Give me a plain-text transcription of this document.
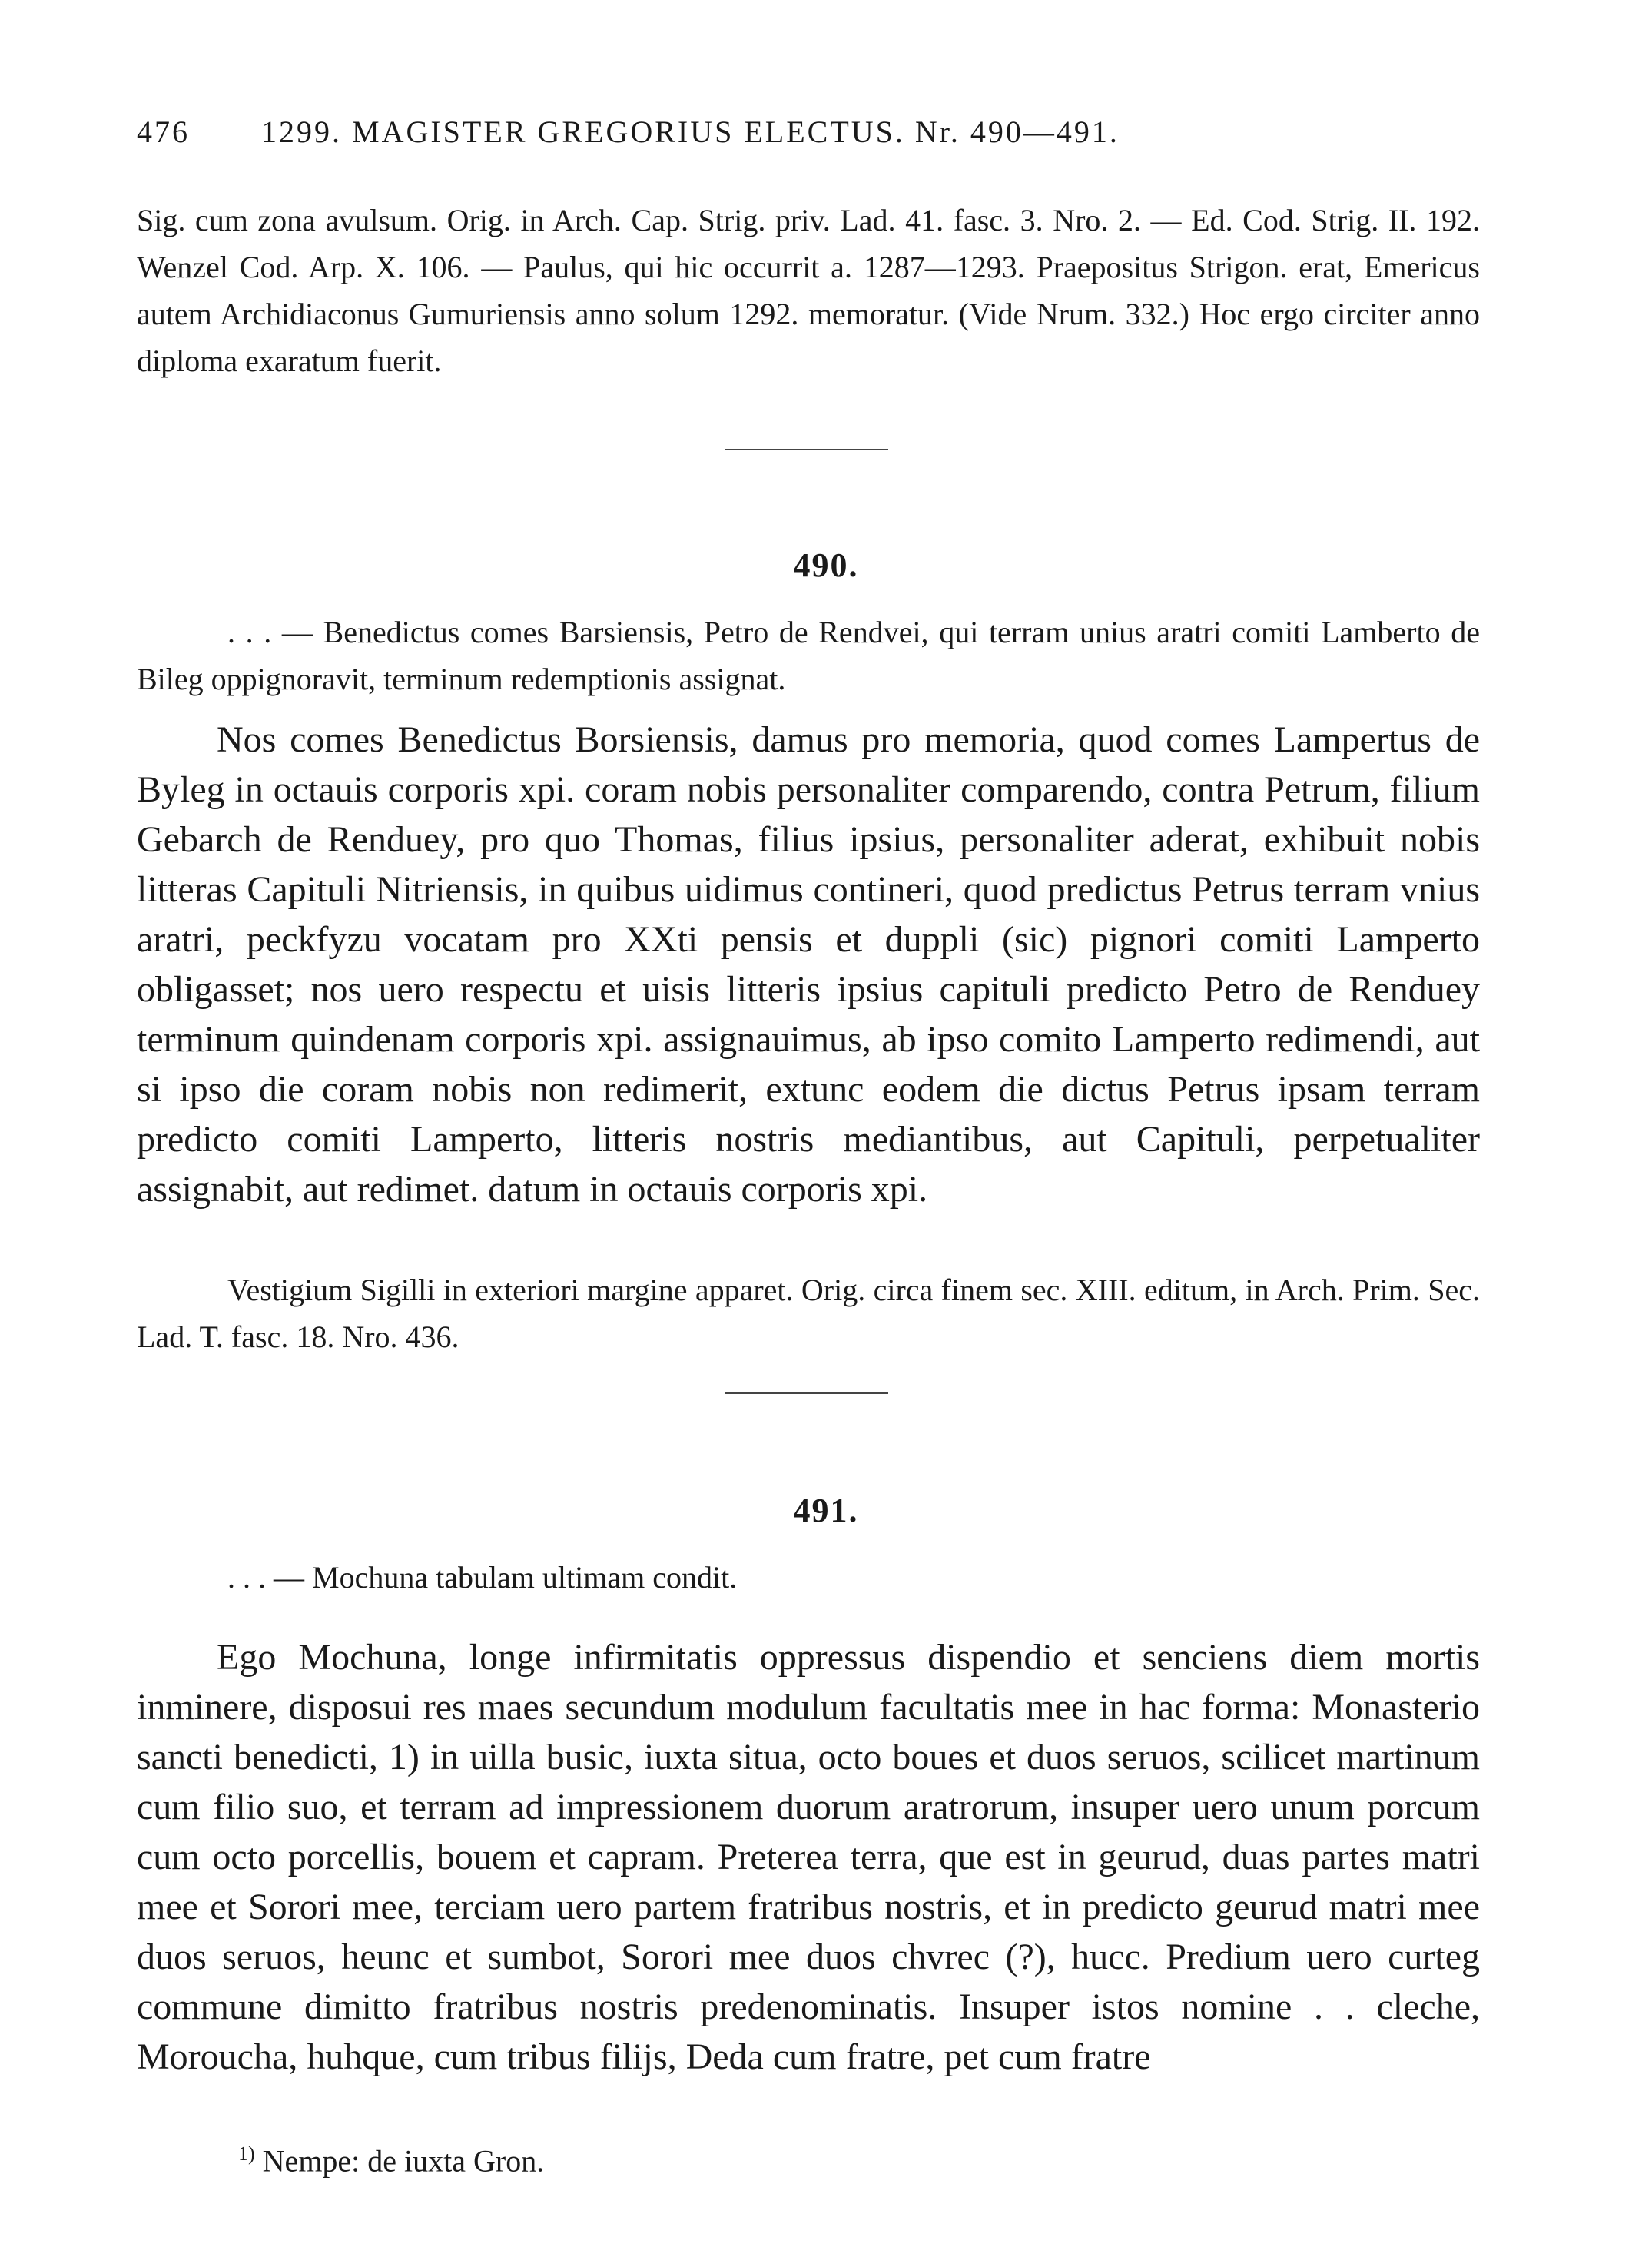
476 1299. MAGISTER GREGORIUS ELECTUS. Nr. 490—491.
Sig. cum zona avulsum. Orig. in Arch. Cap. Strig. priv. Lad. 41. fasc. 3. Nro. 2. — Ed. Cod. Strig. II. 192. Wenzel Cod. Arp. X. 106. — Paulus, qui hic occurrit a. 1287—1293. Praepositus Strigon. erat, Emericus autem Archidiaconus Gumuriensis anno solum 1292. memoratur. (Vide Nrum. 332.) Hoc ergo circiter anno diploma exaratum fuerit.
490.
. . . — Benedictus comes Barsiensis, Petro de Rendvei, qui terram unius aratri comiti Lamberto de Bileg oppignoravit, terminum redemptionis assignat.
Nos comes Benedictus Borsiensis, damus pro memoria, quod comes Lampertus de Byleg in octauis corporis xpi. coram nobis personaliter comparendo, contra Petrum, filium Gebarch de Renduey, pro quo Thomas, filius ipsius, personaliter aderat, exhibuit nobis litteras Capituli Nitriensis, in quibus uidimus contineri, quod predictus Petrus terram vnius aratri, peckfyzu vocatam pro XXti pensis et duppli (sic) pignori comiti Lamperto obligasset; nos uero respectu et uisis litteris ipsius capituli predicto Petro de Renduey terminum quindenam corporis xpi. assignauimus, ab ipso comito Lamperto redimendi, aut si ipso die coram nobis non redimerit, extunc eodem die dictus Petrus ipsam terram predicto comiti Lamperto, litteris nostris mediantibus, aut Capituli, perpetualiter assignabit, aut redimet. datum in octauis corporis xpi.
Vestigium Sigilli in exteriori margine apparet. Orig. circa finem sec. XIII. editum, in Arch. Prim. Sec. Lad. T. fasc. 18. Nro. 436.
491.
. . . — Mochuna tabulam ultimam condit.
Ego Mochuna, longe infirmitatis oppressus dispendio et senciens diem mortis inminere, disposui res maes secundum modulum facultatis mee in hac forma: Monasterio sancti benedicti, 1) in uilla busic, iuxta situa, octo boues et duos seruos, scilicet martinum cum filio suo, et terram ad impressionem duorum aratrorum, insuper uero unum porcum cum octo porcellis, bouem et capram. Preterea terra, que est in geurud, duas partes matri mee et Sorori mee, terciam uero partem fratribus nostris, et in predicto geurud matri mee duos seruos, heunc et sumbot, Sorori mee duos chvrec (?), hucc. Predium uero curteg commune dimitto fratribus nostris predenominatis. Insuper istos nomine . . cleche, Moroucha, huhque, cum tribus filijs, Deda cum fratre, pet cum fratre
$^{1)}$ Nempe: de iuxta Gron.
